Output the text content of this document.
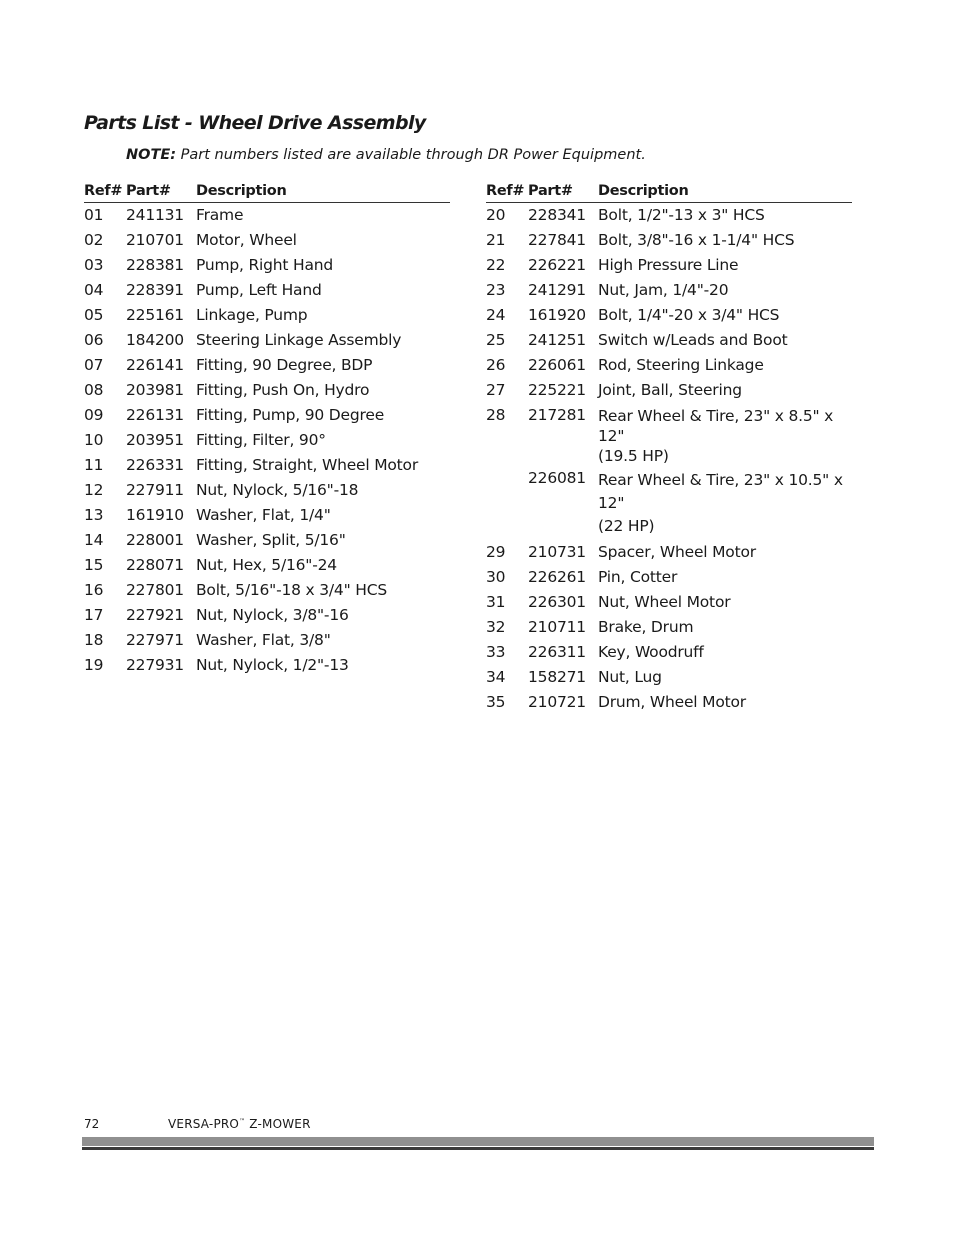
Parts List - Wheel Drive Assembly
NOTE: Part numbers listed are available through DR Power Equipment.
Ref# Part#	Description
01	241131 Frame
02	210701 Motor, Wheel
03	228381 Pump, Right Hand
04	228391 Pump, Left Hand
05	225161 Linkage, Pump
06	184200 Steering Linkage Assembly
07	226141 Fitting, 90 Degree, BDP
08	203981 Fitting, Push On, Hydro
09	226131 Fitting, Pump, 90 Degree
10	203951 Fitting, Filter, 90°
11	226331 Fitting, Straight, Wheel Motor
12	227911 Nut, Nylock, 5/16"-18
13	161910 Washer, Flat, 1/4"
14	228001 Washer, Split, 5/16"
15	228071 Nut, Hex, 5/16"-24
16	227801 Bolt, 5/16"-18 x 3/4" HCS
17	227921 Nut, Nylock, 3/8"-16
18	227971 Washer, Flat, 3/8"
19	227931 Nut, Nylock, 1/2"-13
Ref# Part#	Description
20	228341 Bolt, 1/2"-13 x 3" HCS
21	227841 Bolt, 3/8"-16 x 1-1/4" HCS
22	226221 High Pressure Line
23	241291 Nut, Jam, 1/4"-20
24	161920 Bolt, 1/4"-20 x 3/4" HCS
25	241251 Switch w/Leads and Boot
26	226061 Rod, Steering Linkage
27	225221 Joint, Ball, Steering
28	217281 Rear Wheel & Tire, 23" x 8.5" x 12"
(19.5 HP)
226081 Rear Wheel & Tire, 23" x 10.5" x 12"
(22 HP)
29	210731 Spacer, Wheel Motor
30	226261 Pin, Cotter
31	226301 Nut, Wheel Motor
32	210711 Brake, Drum
33	226311 Key, Woodruff
34	158271 Nut, Lug
35	210721 Drum, Wheel Motor
72	VERSA-PRO™ Z-MOWER
